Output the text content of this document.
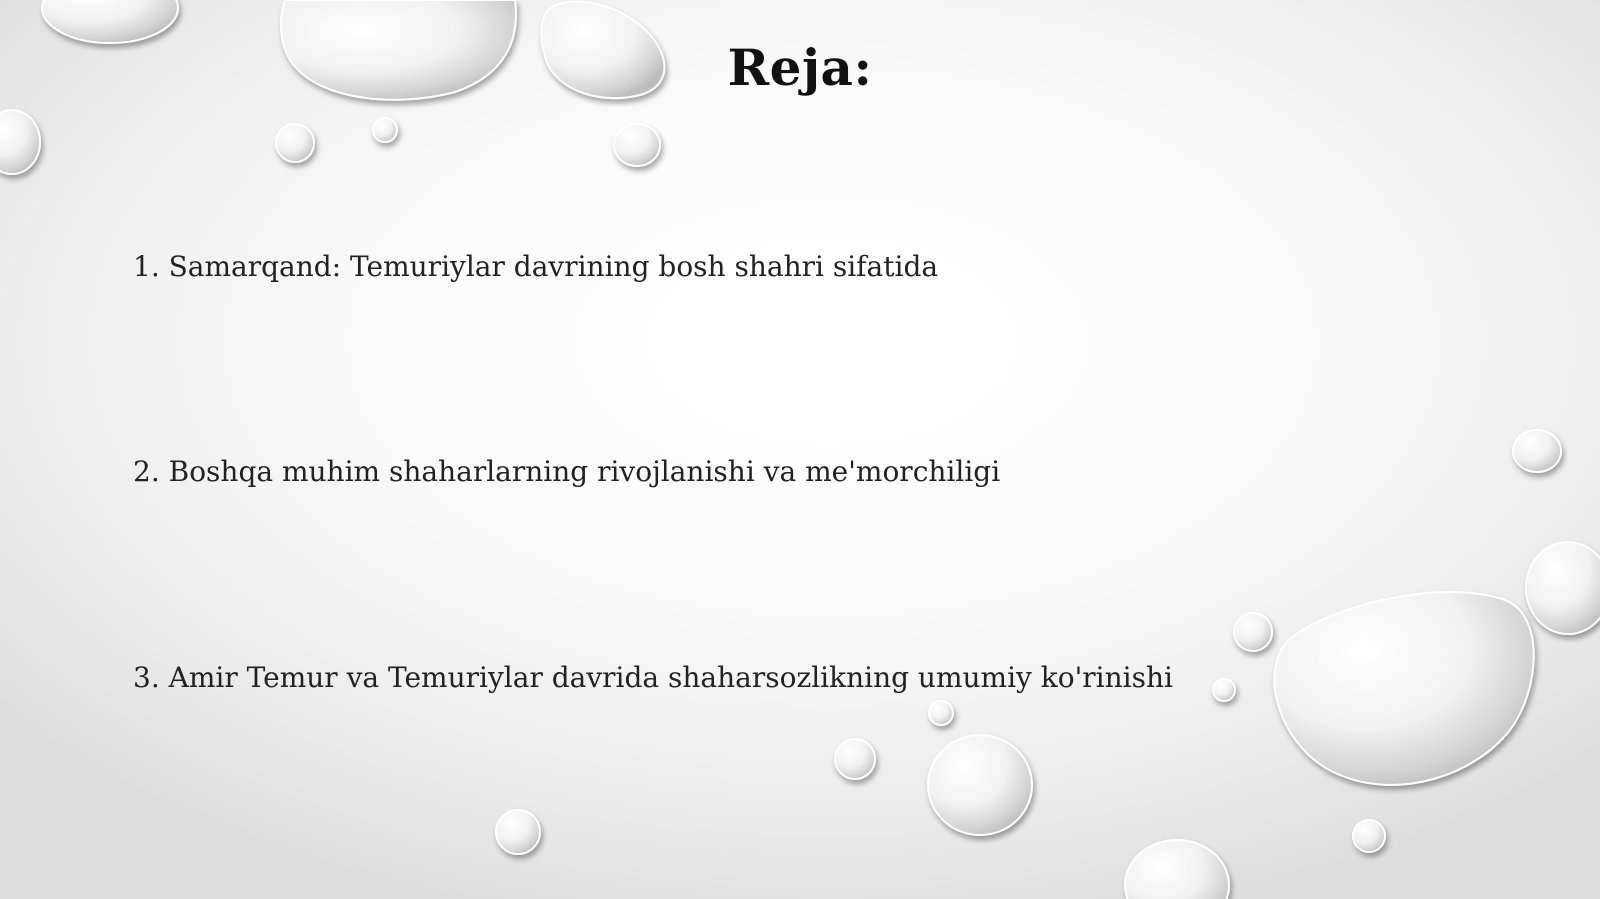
Reja:

1. Samarqand: Temuriylar davrining bosh shahri sifatida

2. Boshqa muhim shaharlarning rivojlanishi va me'morchiligi

3. Amir Temur va Temuriylar davrida shaharsozlikning umumiy ko'rinishi
